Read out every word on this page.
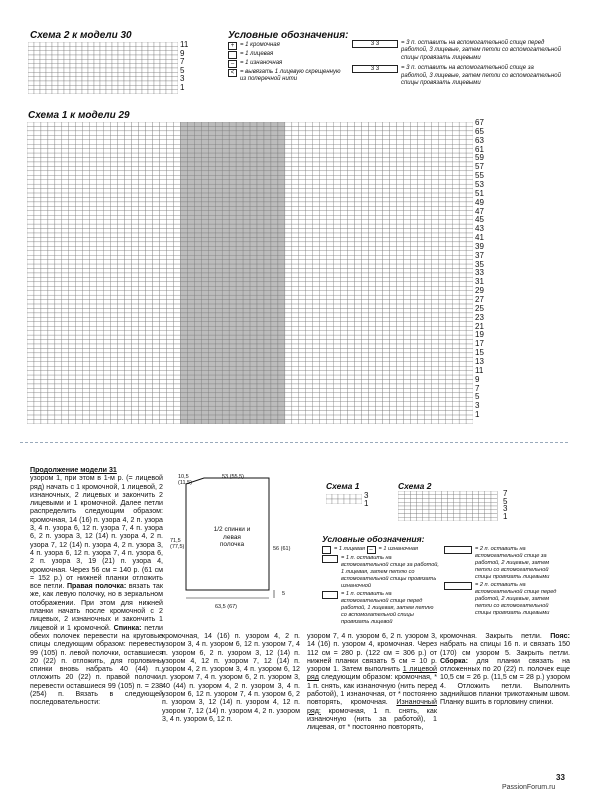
Схема 2 к модели 30
11
9
7
5
3
1
Условные обозначения:
+ = 1 кромочная
= 1 лицевая
– = 1 изнаночная
< = вывязать 1 лицевую скрещенную из поперечной нити
3 3	= 3 п. оставить на вспомогательной спице перед работой, 3 лицевые, затем петли со вспомогательной спицы провязать лицевыми
3 3	= 3 п. оставить на вспомогательной спице за работой, 3 лицевые, затем петли со вспомогательной спицы провязать лицевыми
Схема 1 к модели 29
67
65
63
61
59
57
55
53
51
49
47
45
43
41
39
37
35
33
31
29
27
25
23
21
19
17
15
13
11
9
7
5
3
1
Продолжение модели 31
узором 1, при этом в 1-м р. (= лицевой ряд) начать с 1 кромочной, 1 лицевой, 2 изнаночных, 2 лицевых и закончить 2 лицевыми и 1 кромочной. Далее петли распределить следующим образом: кромочная, 14 (16) п. узора 4, 2 п. узора 3, 4 п. узора 6, 12 п. узора 7, 4 п. узора 6, 2 п. узора 3, 12 (14) п. узора 4, 2 п. узора 7, 12 (14) п. узора 4, 2 п. узора 3, 4 п. узора 6, 12 п. узора 7, 4 п. узора 6, 2 п. узора 3, 19 (21) п. узора 4, кромочная. Через 56 см = 140 р. (61 см = 152 р.) от нижней планки отложить все петли. Правая полочка: вязать так же, как левую полочку, но в зеркальном отображении. При этом для нижней планки начать после кромочной с 2 лицевых, 2 изнаночных и закончить 1 лицевой и 1 кромочной. Спинка: петли обеих полочек перевести на круговые спицы следующим образом: перевести 99 (105) п. левой полочки, оставшиеся 20 (22) п. отложить, для горловины спинки вновь набрать 40 (44) п., отложить 20 (22) п. правой полочки, перевести оставшиеся 99 (105) п. = 238 (254) п. Вязать в следующей последовательности:
1/2 спинки и левая полочка
10,5 (11,5)
53 (55,5)
71,5 (77,5)	56 (61)
5
63,5 (67)
Схема 1
3
1
Схема 2
7
5
3
1
Условные обозначения:
= 1 лицевая
–	= 1 изнаночная
= 1 п. оставить на вспомогательной спице за работой, 1 лицевая, затем петлю со вспомогательной спицы провязать изнаночной
= 1 п. оставить на вспомогательной спице перед работой, 1 лицевая, затем петлю со вспомогательной спицы провязать лицевой
= 2 п. оставить на вспомогательной спице за работой, 2 лицевые, затем петли со вспомогательной спицы провязать лицевыми
= 2 п. оставить на вспомогательной спице перед работой, 2 лицевые, затем петли со вспомогательной спицы провязать лицевыми
кромочная, 14 (16) п. узором 4, 2 п. узором 3, 4 п. узором 6, 12 п. узором 7, 4 п. узором 6, 2 п. узором 3, 12 (14) п. узором 4, 12 п. узором 7, 12 (14) п. узором 4, 2 п. узором 3, 4 п. узором 6, 12 п. узором 7, 4 п. узором 6, 2 п. узором 3, 40 (44) п. узором 4, 2 п. узором 3, 4 п. узором 6, 12 п. узором 7, 4 п. узором 6, 2 п. узором 3, 12 (14) п. узором 4, 12 п. узором 7, 12 (14) п. узором 4, 2 п. узором 3, 4 п. узором 6, 12 п.
узором 7, 4 п. узором 6, 2 п. узором 3, 14 (16) п. узором 4, кромочная. Через 112 см = 280 р. (122 см = 306 р.) от нижней планки связать 5 см = 10 р. узором 1. Затем выполнить 1 лицевой ряд следующим образом: кромочная, * 1 п. снять, как изнаночную (нить перед работой), 1 изнаночная, от * постоянно повторять, кромочная. Изнаночный ряд: кромочная, 1 п. снять, как изнаночную (нить за работой), 1 лицевая, от * постоянно повторять,
кромочная. Закрыть петли. Пояс: набрать на спицы 16 п. и связать 150 (170) см узором 5. Закрыть петли. Сборка: для планки связать на отложенных по 20 (22) п. полочек еще 10,5 см = 26 р. (11,5 см = 28 р.) узором 4. Отложить петли. Выполнить заднийшов планки трикотажным швом. Планку вшить в горловину спинки.
33
PassionForum.ru
